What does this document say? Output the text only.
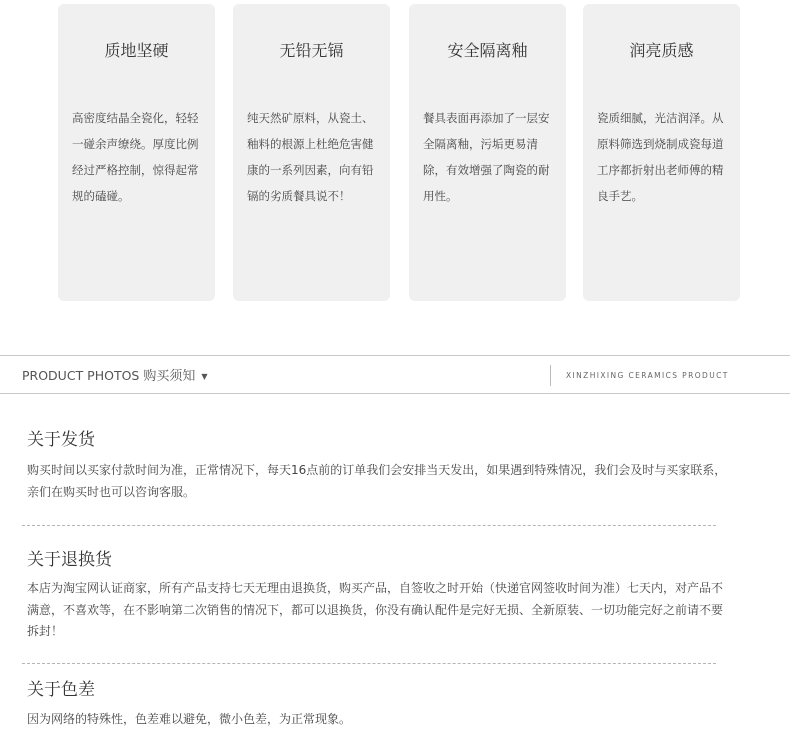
质地坚硬
高密度结晶全瓷化，轻轻一碰余声缭绕。厚度比例经过严格控制，惊得起常规的磕碰。
无铅无镉
纯天然矿原料，从瓷土、釉料的根源上杜绝危害健康的一系列因素，向有铅镉的劣质餐具说不！
安全隔离釉
餐具表面再添加了一层安全隔离釉，污垢更易清除，有效增强了陶瓷的耐用性。
润亮质感
瓷质细腻，光洁润泽。从原料筛选到烧制成瓷每道工序都折射出老师傅的精良手艺。
PRODUCT PHOTOS 购买须知 ▼	XINZHIXING CERAMICS PRODUCT
关于发货
购买时间以买家付款时间为准，正常情况下，每天16点前的订单我们会安排当天发出，如果遇到特殊情况，我们会及时与买家联系，亲们在购买时也可以咨询客服。
关于退换货
本店为淘宝网认证商家，所有产品支持七天无理由退换货，购买产品，自签收之时开始（快递官网签收时间为准）七天内，对产品不满意，不喜欢等，在不影响第二次销售的情况下，都可以退换货，你没有确认配件是完好无损、全新原装、一切功能完好之前请不要拆封！
关于色差
因为网络的特殊性，色差难以避免，微小色差，为正常现象。
